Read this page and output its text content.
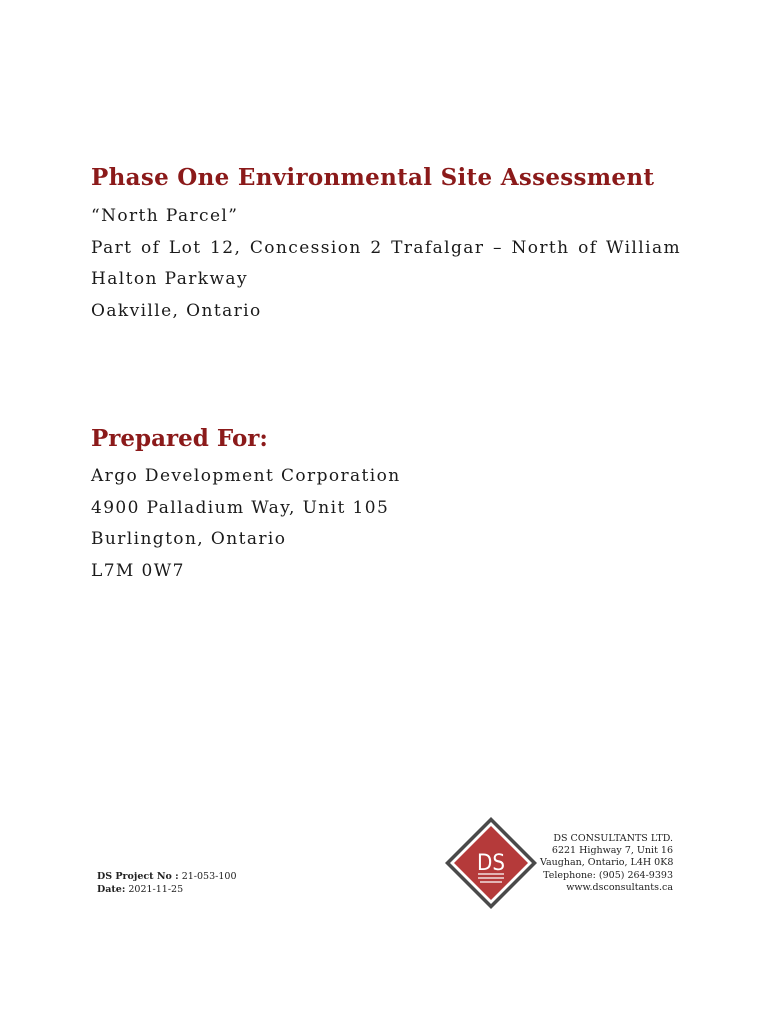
Phase One Environmental Site Assessment
“North Parcel”
Part of Lot 12, Concession 2 Trafalgar – North of William
Halton Parkway
Oakville, Ontario
Prepared For:
Argo Development Corporation
4900 Palladium Way, Unit 105
Burlington, Ontario
L7M 0W7
DS Project No : 21-053-100
Date: 2021-11-25
DS
DS CONSULTANTS LTD.
6221 Highway 7, Unit 16
Vaughan, Ontario, L4H 0K8
Telephone: (905) 264-9393
www.dsconsultants.ca
